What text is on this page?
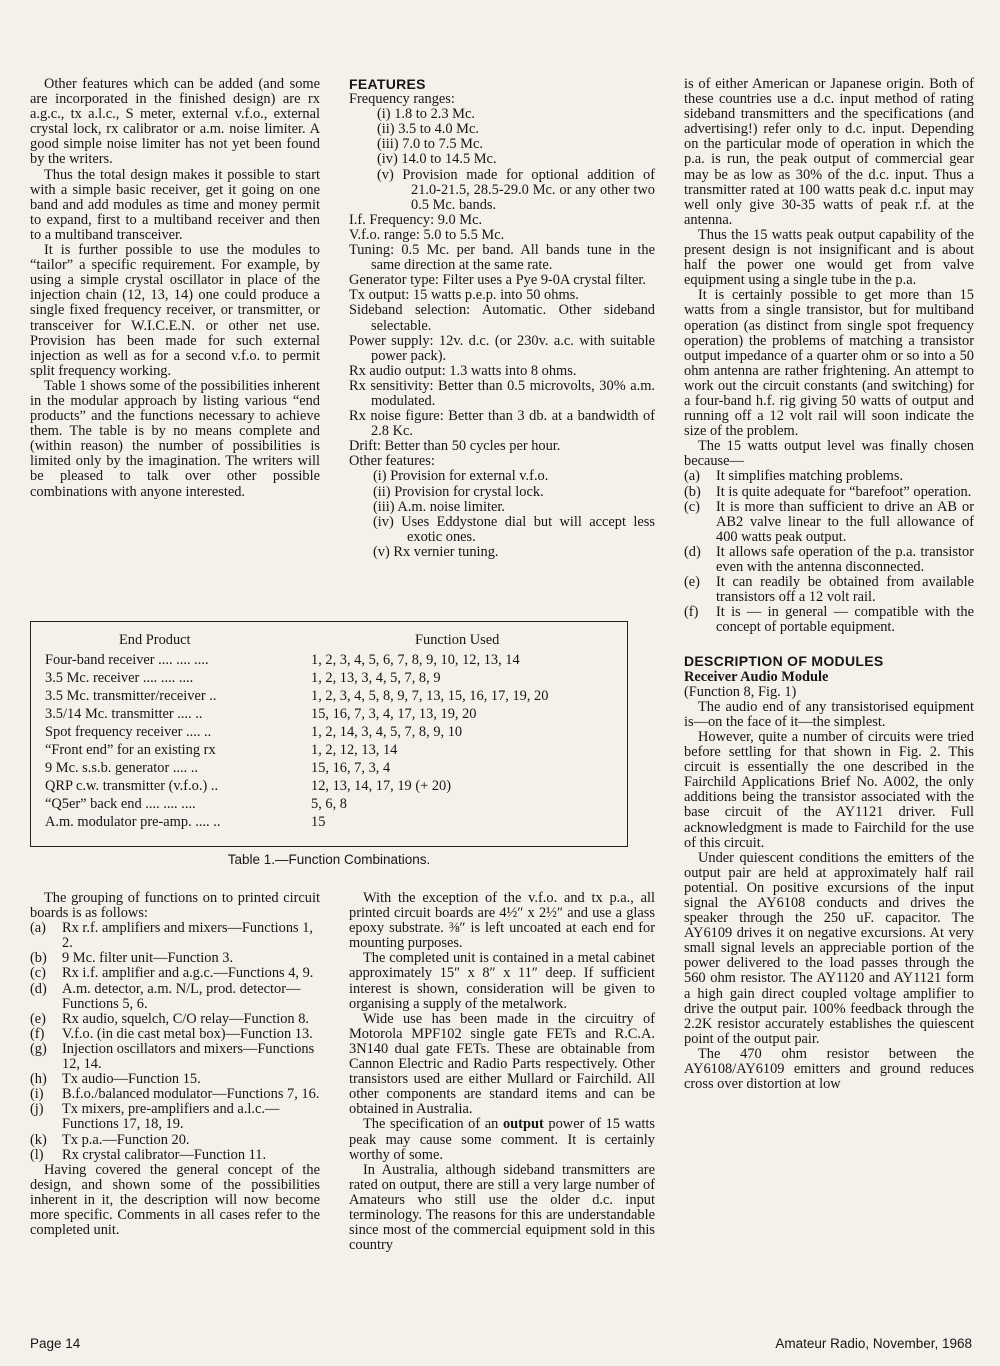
Other features which can be added (and some are incorporated in the finished design) are rx a.g.c., tx a.l.c., S meter, external v.f.o., external crystal lock, rx calibrator or a.m. noise limiter. A good simple noise limiter has not yet been found by the writers.

Thus the total design makes it possible to start with a simple basic receiver, get it going on one band and add modules as time and money permit to expand, first to a multiband receiver and then to a multiband transceiver.

It is further possible to use the modules to “tailor” a specific requirement. For example, by using a simple crystal oscillator in place of the injection chain (12, 13, 14) one could produce a single fixed frequency receiver, or transmitter, or transceiver for W.I.C.E.N. or other net use. Provision has been made for such external injection as well as for a second v.f.o. to permit split frequency working.

Table 1 shows some of the possibilities inherent in the modular approach by listing various “end products” and the functions necessary to achieve them. The table is by no means complete and (within reason) the number of possibilities is limited only by the imagination. The writers will be pleased to talk over other possible combinations with anyone interested.

FEATURES
Frequency ranges:
(i) 1.8 to 2.3 Mc.
(ii) 3.5 to 4.0 Mc.
(iii) 7.0 to 7.5 Mc.
(iv) 14.0 to 14.5 Mc.
(v) Provision made for optional addition of 21.0-21.5, 28.5-29.0 Mc. or any other two 0.5 Mc. bands.
I.f. Frequency: 9.0 Mc.
V.f.o. range: 5.0 to 5.5 Mc.
Tuning: 0.5 Mc. per band. All bands tune in the same direction at the same rate.
Generator type: Filter uses a Pye 9-0A crystal filter.
Tx output: 15 watts p.e.p. into 50 ohms.
Sideband selection: Automatic. Other sideband selectable.
Power supply: 12v. d.c. (or 230v. a.c. with suitable power pack).
Rx audio output: 1.3 watts into 8 ohms.
Rx sensitivity: Better than 0.5 microvolts, 30% a.m. modulated.
Rx noise figure: Better than 3 db. at a bandwidth of 2.8 Kc.
Drift: Better than 50 cycles per hour.
Other features:
(i) Provision for external v.f.o.
(ii) Provision for crystal lock.
(iii) A.m. noise limiter.
(iv) Uses Eddystone dial but will accept less exotic ones.
(v) Rx vernier tuning.

is of either American or Japanese origin. Both of these countries use a d.c. input method of rating sideband transmitters and the specifications (and advertising!) refer only to d.c. input. Depending on the particular mode of operation in which the p.a. is run, the peak output of commercial gear may be as low as 30% of the d.c. input. Thus a transmitter rated at 100 watts peak d.c. input may well only give 30-35 watts of peak r.f. at the antenna.

Thus the 15 watts peak output capability of the present design is not insignificant and is about half the power one would get from valve equipment using a single tube in the p.a.

It is certainly possible to get more than 15 watts from a single transistor, but for multiband operation (as distinct from single spot frequency operation) the problems of matching a transistor output impedance of a quarter ohm or so into a 50 ohm antenna are rather frightening. An attempt to work out the circuit constants (and switching) for a four-band h.f. rig giving 50 watts of output and running off a 12 volt rail will soon indicate the size of the problem.

The 15 watts output level was finally chosen because—

(a) It simplifies matching problems.
(b) It is quite adequate for “barefoot” operation.
(c) It is more than sufficient to drive an AB or AB2 valve linear to the full allowance of 400 watts peak output.
(d) It allows safe operation of the p.a. transistor even with the antenna disconnected.
(e) It can readily be obtained from available transistors off a 12 volt rail.
(f) It is — in general — compatible with the concept of portable equipment.
DESCRIPTION OF MODULES
Receiver Audio Module

(Function 8, Fig. 1)

The audio end of any transistorised equipment is—on the face of it—the simplest.

However, quite a number of circuits were tried before settling for that shown in Fig. 2. This circuit is essentially the one described in the Fairchild Applications Brief No. A002, the only additions being the transistor associated with the base circuit of the AY1121 driver. Full acknowledgment is made to Fairchild for the use of this circuit.

Under quiescent conditions the emitters of the output pair are held at approximately half rail potential. On positive excursions of the input signal the AY6108 conducts and drives the speaker through the 250 uF. capacitor. The AY6109 drives it on negative excursions. At very small signal levels an appreciable portion of the power delivered to the load passes through the 560 ohm resistor. The AY1120 and AY1121 form a high gain direct coupled voltage amplifier to drive the output pair. 100% feedback through the 2.2K resistor accurately establishes the quiescent point of the output pair.

The 470 ohm resistor between the AY6108/AY6109 emitters and ground reduces cross over distortion at low

End Product	Function Used
Four-band receiver .... .... ....	1, 2, 3, 4, 5, 6, 7, 8, 9, 10, 12, 13, 14
3.5 Mc. receiver .... .... ....	1, 2, 13, 3, 4, 5, 7, 8, 9
3.5 Mc. transmitter/receiver ..	1, 2, 3, 4, 5, 8, 9, 7, 13, 15, 16, 17, 19, 20
3.5/14 Mc. transmitter .... ..	15, 16, 7, 3, 4, 17, 13, 19, 20
Spot frequency receiver .... ..	1, 2, 14, 3, 4, 5, 7, 8, 9, 10
“Front end” for an existing rx	1, 2, 12, 13, 14
9 Mc. s.s.b. generator .... ..	15, 16, 7, 3, 4
QRP c.w. transmitter (v.f.o.) ..	12, 13, 14, 17, 19 (+ 20)
“Q5er” back end .... .... ....	5, 6, 8
A.m. modulator pre-amp. .... ..	15
Table 1.—Function Combinations.

The grouping of functions on to printed circuit boards is as follows:

(a) Rx r.f. amplifiers and mixers—Functions 1, 2.
(b) 9 Mc. filter unit—Function 3.
(c) Rx i.f. amplifier and a.g.c.—Functions 4, 9.
(d) A.m. detector, a.m. N/L, prod. detector—Functions 5, 6.
(e) Rx audio, squelch, C/O relay—Function 8.
(f) V.f.o. (in die cast metal box)—Function 13.
(g) Injection oscillators and mixers—Functions 12, 14.
(h) Tx audio—Function 15.
(i) B.f.o./balanced modulator—Functions 7, 16.
(j) Tx mixers, pre-amplifiers and a.l.c.—Functions 17, 18, 19.
(k) Tx p.a.—Function 20.
(l) Rx crystal calibrator—Function 11.

Having covered the general concept of the design, and shown some of the possibilities inherent in it, the description will now become more specific. Comments in all cases refer to the completed unit.

With the exception of the v.f.o. and tx p.a., all printed circuit boards are 4½″ x 2½″ and use a glass epoxy substrate. ⅜″ is left uncoated at each end for mounting purposes.

The completed unit is contained in a metal cabinet approximately 15″ x 8″ x 11″ deep. If sufficient interest is shown, consideration will be given to organising a supply of the metalwork.

Wide use has been made in the circuitry of Motorola MPF102 single gate FETs and R.C.A. 3N140 dual gate FETs. These are obtainable from Cannon Electric and Radio Parts respectively. Other transistors used are either Mullard or Fairchild. All other components are standard items and can be obtained in Australia.

The specification of an output power of 15 watts peak may cause some comment. It is certainly worthy of some.

In Australia, although sideband transmitters are rated on output, there are still a very large number of Amateurs who still use the older d.c. input terminology. The reasons for this are understandable since most of the commercial equipment sold in this country

Page 14	Amateur Radio, November, 1968
